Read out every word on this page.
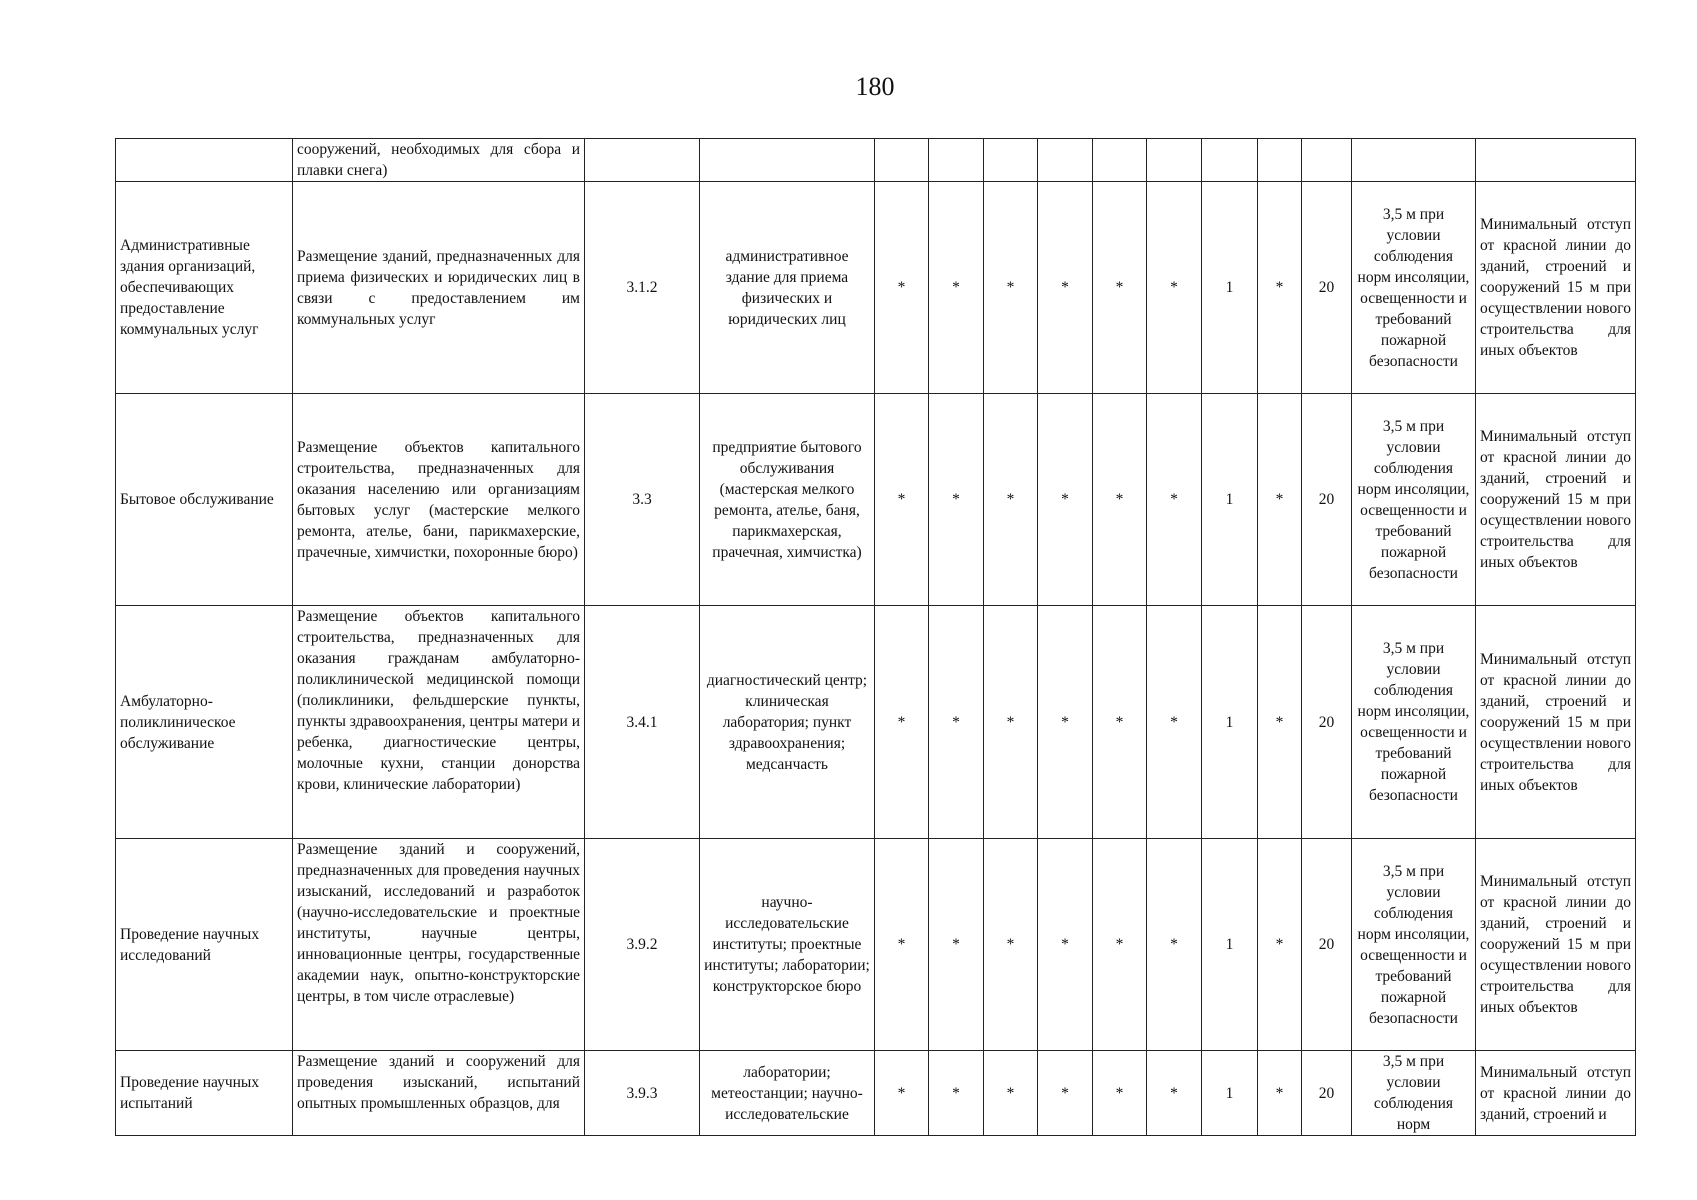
180
	сооружений, необходимых для сбора и плавки снега)													
Административные здания организаций, обеспечивающих предоставление коммунальных услуг	Размещение зданий, предназначенных для приема физических и юридических лиц в связи с предоставлением им коммунальных услуг	3.1.2	административное здание для приема физических и юридических лиц	*	*	*	*	*	*	1	*	20	3,5 м при условии соблюдения норм инсоляции, освещенности и требований пожарной безопасности	Минимальный отступ от красной линии до зданий, строений и сооружений 15 м при осуществлении нового строительства для иных объектов
Бытовое обслуживание	Размещение объектов капитального строительства, предназначенных для оказания населению или организациям бытовых услуг (мастерские мелкого ремонта, ателье, бани, парикмахерские, прачечные, химчистки, похоронные бюро)	3.3	предприятие бытового обслуживания (мастерская мелкого ремонта, ателье, баня, парикмахерская, прачечная, химчистка)	*	*	*	*	*	*	1	*	20	3,5 м при условии соблюдения норм инсоляции, освещенности и требований пожарной безопасности	Минимальный отступ от красной линии до зданий, строений и сооружений 15 м при осуществлении нового строительства для иных объектов
Амбулаторно-поликлиническое обслуживание	Размещение объектов капитального строительства, предназначенных для оказания гражданам амбулаторно-поликлинической медицинской помощи (поликлиники, фельдшерские пункты, пункты здравоохранения, центры матери и ребенка, диагностические центры, молочные кухни, станции донорства крови, клинические лаборатории)	3.4.1	диагностический центр; клиническая лаборатория; пункт здравоохранения; медсанчасть	*	*	*	*	*	*	1	*	20	3,5 м при условии соблюдения норм инсоляции, освещенности и требований пожарной безопасности	Минимальный отступ от красной линии до зданий, строений и сооружений 15 м при осуществлении нового строительства для иных объектов
Проведение научных исследований	Размещение зданий и сооружений, предназначенных для проведения научных изысканий, исследований и разработок (научно-исследовательские и проектные институты, научные центры, инновационные центры, государственные академии наук, опытно-конструкторские центры, в том числе отраслевые)	3.9.2	научно-исследовательские институты; проектные институты; лаборатории; конструкторское бюро	*	*	*	*	*	*	1	*	20	3,5 м при условии соблюдения норм инсоляции, освещенности и требований пожарной безопасности	Минимальный отступ от красной линии до зданий, строений и сооружений 15 м при осуществлении нового строительства для иных объектов
Проведение научных испытаний	Размещение зданий и сооружений для проведения изысканий, испытаний опытных промышленных образцов, для	3.9.3	лаборатории; метеостанции; научно-исследовательские	*	*	*	*	*	*	1	*	20	3,5 м при условии соблюдения норм	Минимальный отступ от красной линии до зданий, строений и
